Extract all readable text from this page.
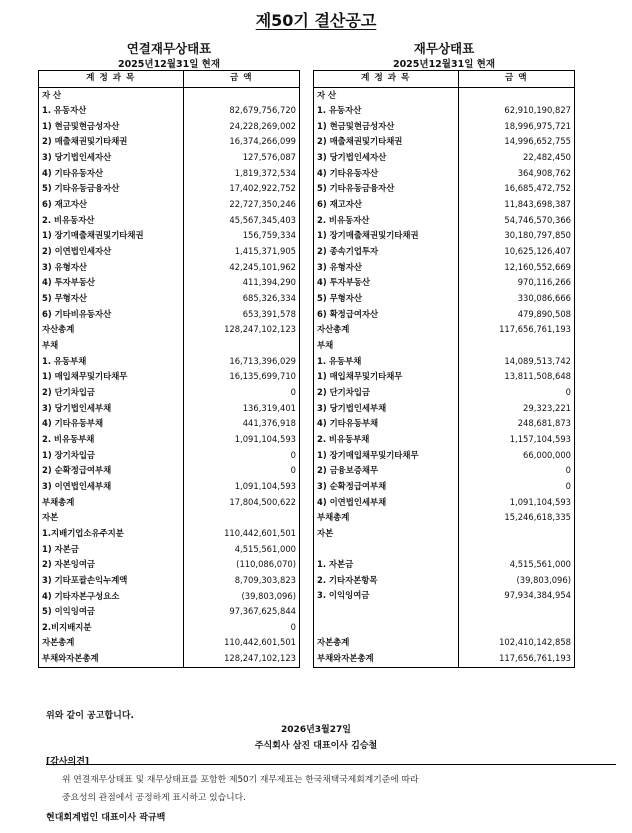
제50기 결산공고
연결재무상태표
2025년12월31일 현재
재무상태표
2025년12월31일 현재
계 정 과 목	금 액
자 산	
1. 유동자산	82,679,756,720
1) 현금및현금성자산	24,228,269,002
2) 매출채권및기타채권	16,374,266,099
3) 당기법인세자산	127,576,087
4) 기타유동자산	1,819,372,534
5) 기타유동금융자산	17,402,922,752
6) 재고자산	22,727,350,246
2. 비유동자산	45,567,345,403
1) 장기매출채권및기타채권	156,759,334
2) 이연법인세자산	1,415,371,905
3) 유형자산	42,245,101,962
4) 투자부동산	411,394,290
5) 무형자산	685,326,334
6) 기타비유동자산	653,391,578
자산총계	128,247,102,123
부채	
1. 유동부채	16,713,396,029
1) 매입채무및기타채무	16,135,699,710
2) 단기차입금	0
3) 당기법인세부채	136,319,401
4) 기타유동부채	441,376,918
2. 비유동부채	1,091,104,593
1) 장기차입금	0
2) 순확정급여부채	0
3) 이연법인세부채	1,091,104,593
부채총계	17,804,500,622
자본	
1.지배기업소유주지분	110,442,601,501
1) 자본금	4,515,561,000
2) 자본잉여금	(110,086,070)
3) 기타포괄손익누계액	8,709,303,823
4) 기타자본구성요소	(39,803,096)
5) 이익잉여금	97,367,625,844
2.비지배지분	0
자본총계	110,442,601,501
부채와자본총계	128,247,102,123
계 정 과 목	금 액
자 산	
1. 유동자산	62,910,190,827
1) 현금및현금성자산	18,996,975,721
2) 매출채권및기타채권	14,996,652,755
3) 당기법인세자산	22,482,450
4) 기타유동자산	364,908,762
5) 기타유동금융자산	16,685,472,752
6) 재고자산	11,843,698,387
2. 비유동자산	54,746,570,366
1) 장기매출채권및기타채권	30,180,797,850
2) 종속기업투자	10,625,126,407
3) 유형자산	12,160,552,669
4) 투자부동산	970,116,266
5) 무형자산	330,086,666
6) 확정급여자산	479,890,508
자산총계	117,656,761,193
부채	
1. 유동부채	14,089,513,742
1) 매입채무및기타채무	13,811,508,648
2) 단기차입금	0
3) 당기법인세부채	29,323,221
4) 기타유동부채	248,681,873
2. 비유동부채	1,157,104,593
1) 장기매입채무및기타채무	66,000,000
2) 금융보증채무	0
3) 순확정급여부채	0
4) 이연법인세부채	1,091,104,593
부채총계	15,246,618,335
자본	

1. 자본금	4,515,561,000
2. 기타자본항목	(39,803,096)
3. 이익잉여금	97,934,384,954

자본총계	102,410,142,858
부채와자본총계	117,656,761,193
위와 같이 공고합니다.
2026년3월27일
주식회사 삼진 대표이사 김승철
[감사의견]
위 연결재무상태표 및 재무상태표를 포함한 제50기 재무제표는 한국채택국제회계기준에 따라
중요성의 관점에서 공정하게 표시하고 있습니다.
현대회계법인 대표이사 곽규백
